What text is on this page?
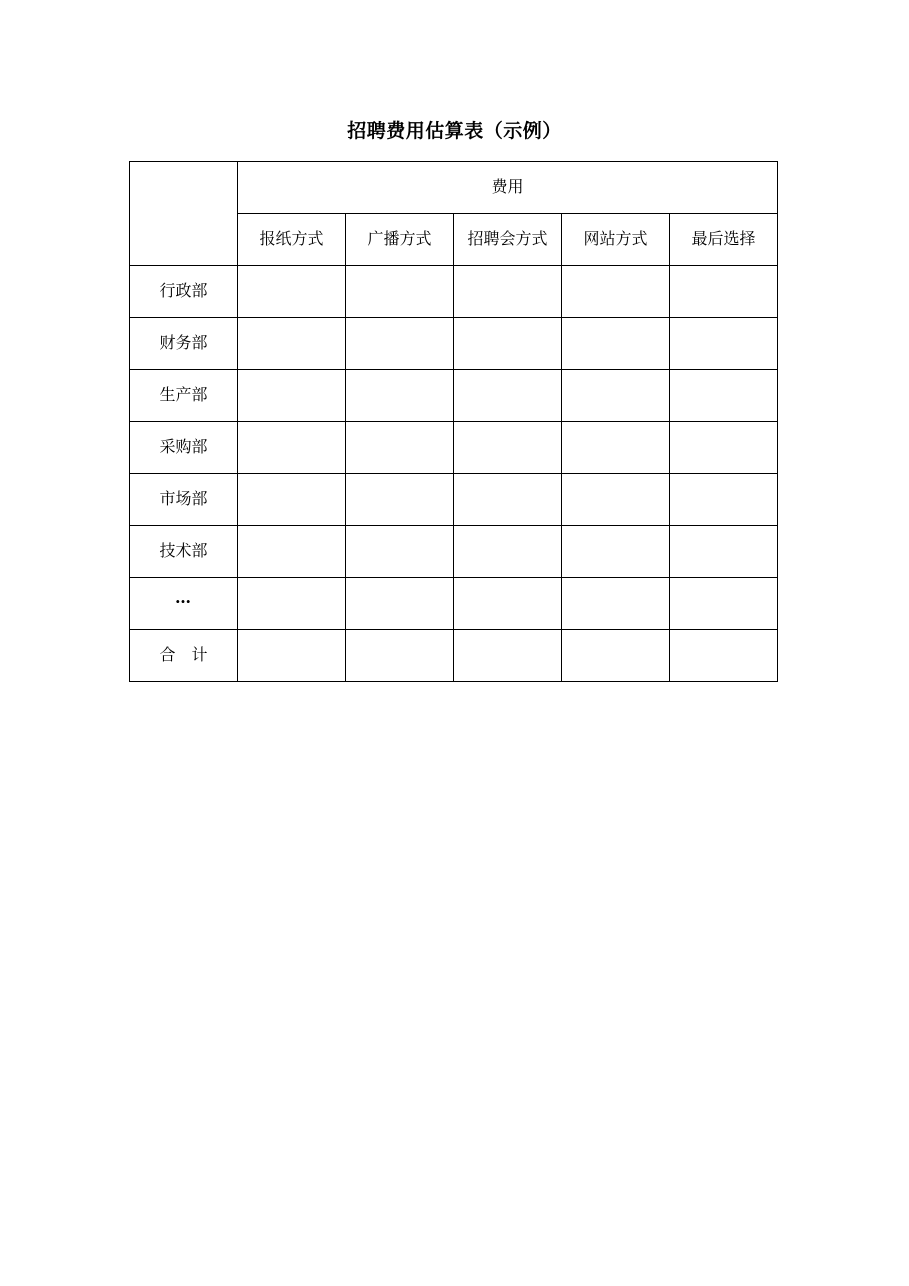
招聘费用估算表（示例）
	费用				
	报纸方式	广播方式	招聘会方式	网站方式	最后选择
行政部					
财务部					
生产部					
采购部					
市场部					
技术部					
…					
合　计					
